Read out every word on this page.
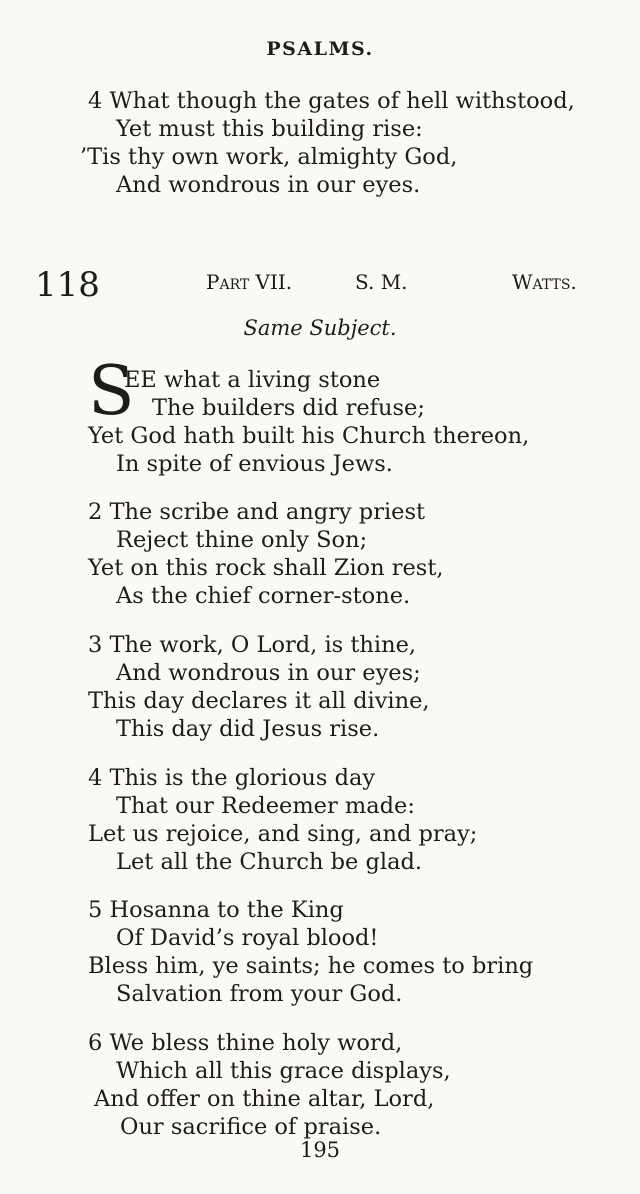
PSALMS.
4 What though the gates of hell withstood,
Yet must this building rise:
’Tis thy own work, almighty God,
And wondrous in our eyes.
118	Part VII.	S. M.	Watts.
Same Subject.
S
EE what a living stone
The builders did refuse;
Yet God hath built his Church thereon,
In spite of envious Jews.
2 The scribe and angry priest
Reject thine only Son;
Yet on this rock shall Zion rest,
As the chief corner-stone.
3 The work, O Lord, is thine,
And wondrous in our eyes;
This day declares it all divine,
This day did Jesus rise.
4 This is the glorious day
That our Redeemer made:
Let us rejoice, and sing, and pray;
Let all the Church be glad.
5 Hosanna to the King
Of David’s royal blood!
Bless him, ye saints; he comes to bring
Salvation from your God.
6 We bless thine holy word,
Which all this grace displays,
And offer on thine altar, Lord,
Our sacrifice of praise.
195
